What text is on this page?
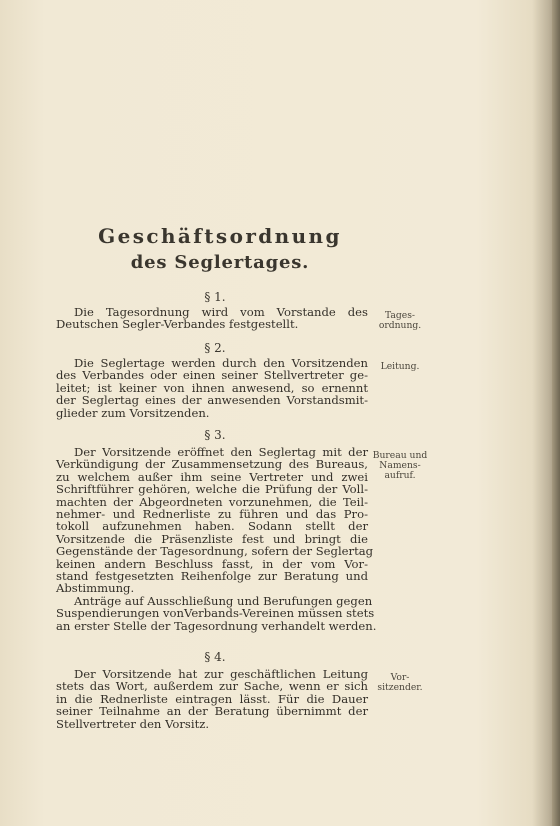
Geschäftsordnung
des Seglertages.
§ 1.

Die Tagesordnung wird vom Vorstande des
Deutschen Segler-Verbandes festgestellt.

Tages-
ordnung.
§ 2.

Die Seglertage werden durch den Vorsitzenden
des Verbandes oder einen seiner Stellvertreter ge-
leitet; ist keiner von ihnen anwesend, so ernennt
der Seglertag eines der anwesenden Vorstandsmit-
glieder zum Vorsitzenden.

Leitung.
§ 3.

Der Vorsitzende eröffnet den Seglertag mit der
Verkündigung der Zusammensetzung des Bureaus,
zu welchem außer ihm seine Vertreter und zwei
Schriftführer gehören, welche die Prüfung der Voll-
machten der Abgeordneten vorzunehmen, die Teil-
nehmer- und Rednerliste zu führen und das Pro-
tokoll aufzunehmen haben. Sodann stellt der
Vorsitzende die Präsenzliste fest und bringt die
Gegenstände der Tagesordnung, sofern der Seglertag
keinen andern Beschluss fasst, in der vom Vor-
stand festgesetzten Reihenfolge zur Beratung und
Abstimmung.
Anträge auf Ausschließung und Berufungen gegen
Suspendierungen vonVerbands-Vereinen müssen stets
an erster Stelle der Tagesordnung verhandelt werden.

Bureau und
Namens-
aufruf.
§ 4.

Der Vorsitzende hat zur geschäftlichen Leitung
stets das Wort, außerdem zur Sache, wenn er sich
in die Rednerliste eintragen lässt. Für die Dauer
seiner Teilnahme an der Beratung übernimmt der
Stellvertreter den Vorsitz.

Vor-
sitzender.
